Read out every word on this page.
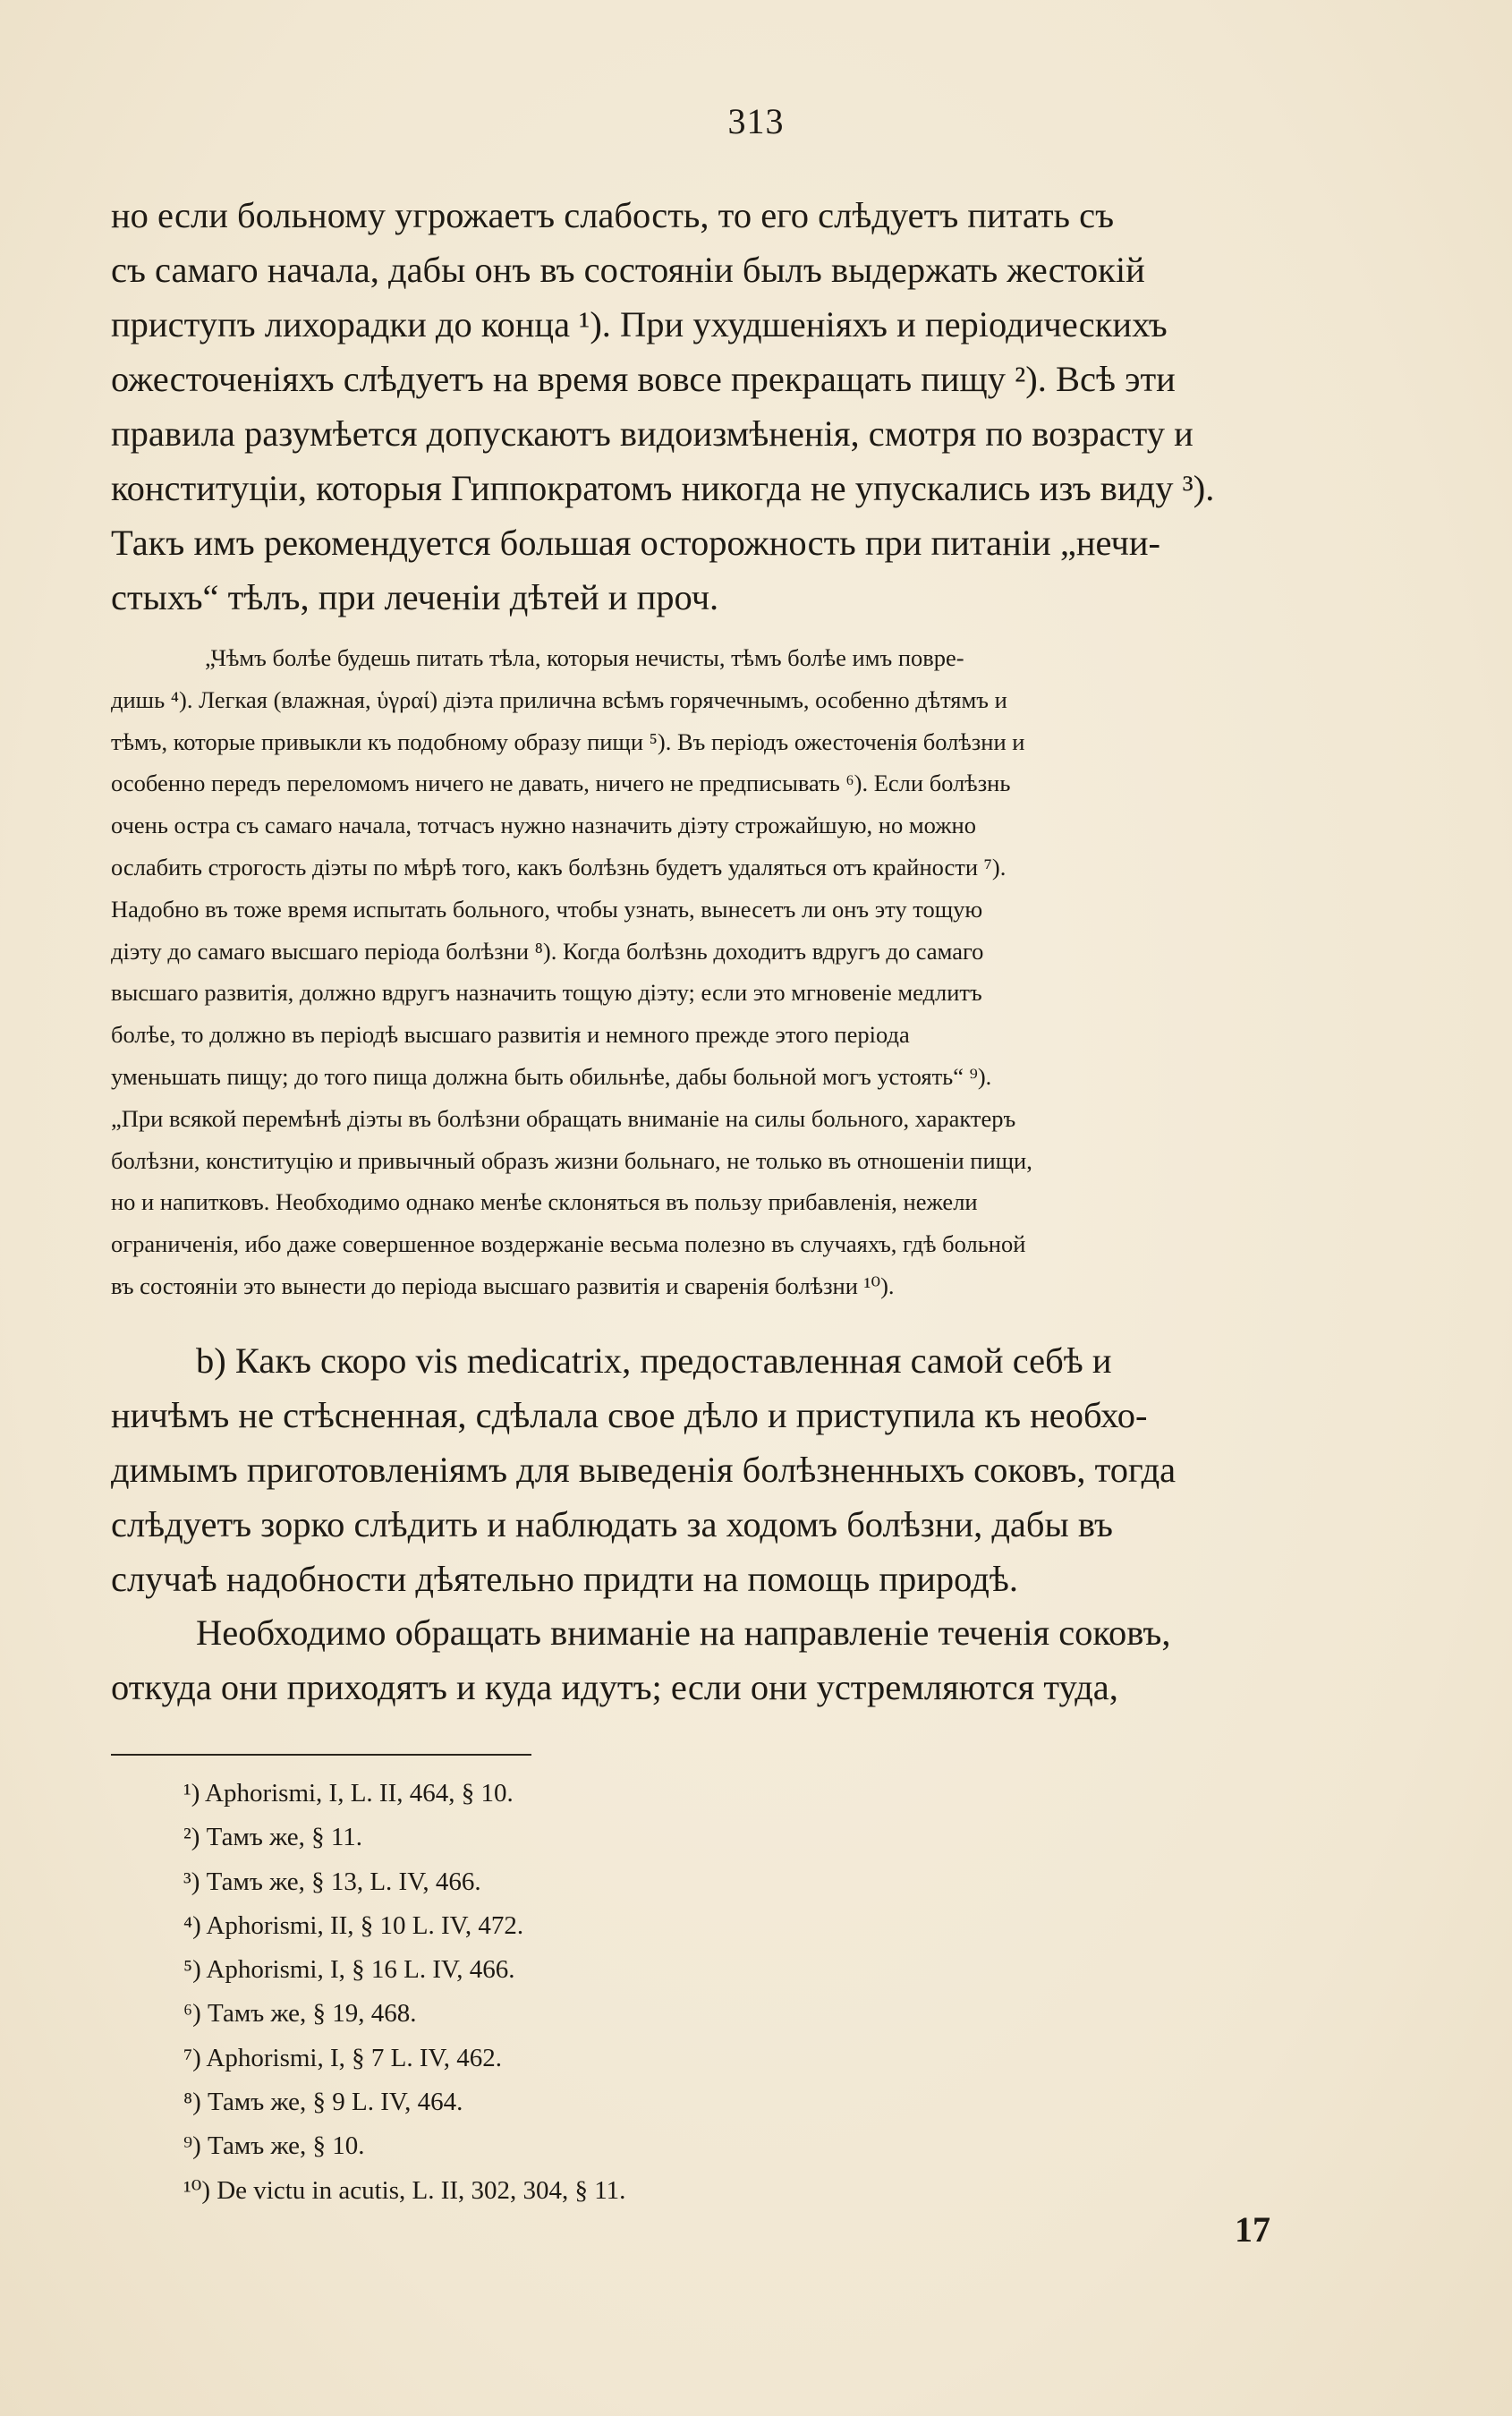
313

но если больному угрожаетъ слабость, то его слѣдуетъ питать съ
съ самаго начала, дабы онъ въ состояніи былъ выдержать жестокій
приступъ лихорадки до конца ¹). При ухудшеніяхъ и періодическихъ
ожесточеніяхъ слѣдуетъ на время вовсе прекращать пищу ²). Всѣ эти
правила разумѣется допускаютъ видоизмѣненія, смотря по возрасту и
конституціи, которыя Гиппократомъ никогда не упускались изъ виду ³).
Такъ имъ рекомендуется большая осторожность при питаніи „нечи-
стыхъ“ тѣлъ, при леченіи дѣтей и проч.

„Чѣмъ болѣе будешь питать тѣла, которыя нечисты, тѣмъ болѣе имъ повре-
дишь ⁴). Легкая (влажная, ὑγραί) діэта прилична всѣмъ горячечнымъ, особенно дѣтямъ и
тѣмъ, которые привыкли къ подобному образу пищи ⁵). Въ періодъ ожесточенія болѣзни и
особенно передъ переломомъ ничего не давать, ничего не предписывать ⁶). Если болѣзнь
очень остра съ самаго начала, тотчасъ нужно назначить діэту строжайшую, но можно
ослабить строгость діэты по мѣрѣ того, какъ болѣзнь будетъ удаляться отъ крайности ⁷).
Надобно въ тоже время испытать больного, чтобы узнать, вынесетъ ли онъ эту тощую
діэту до самаго высшаго періода болѣзни ⁸). Когда болѣзнь доходитъ вдругъ до самаго
высшаго развитія, должно вдругъ назначить тощую діэту; если это мгновеніе медлитъ
болѣе, то должно въ періодѣ высшаго развитія и немного прежде этого періода
уменьшать пищу; до того пища должна быть обильнѣе, дабы больной могъ устоять“ ⁹).
„При всякой перемѣнѣ діэты въ болѣзни обращать вниманіе на силы больного, характеръ
болѣзни, конституцію и привычный образъ жизни больнаго, не только въ отношеніи пищи,
но и напитковъ. Необходимо однако менѣе склоняться въ пользу прибавленія, нежели
ограниченія, ибо даже совершенное воздержаніе весьма полезно въ случаяхъ, гдѣ больной
въ состояніи это вынести до періода высшаго развитія и сваренія болѣзни ¹⁰).

b) Какъ скоро vis medicatrix, предоставленная самой себѣ и
ничѣмъ не стѣсненная, сдѣлала свое дѣло и приступила къ необхо-
димымъ приготовленіямъ для выведенія болѣзненныхъ соковъ, тогда
слѣдуетъ зорко слѣдить и наблюдать за ходомъ болѣзни, дабы въ
случаѣ надобности дѣятельно придти на помощь природѣ.

Необходимо обращать вниманіе на направленіе теченія соковъ,
откуда они приходятъ и куда идутъ; если они устремляются туда,

¹) Aphorismi, I, L. II, 464, § 10.
²) Тамъ же, § 11.
³) Тамъ же, § 13, L. IV, 466.
⁴) Aphorismi, II, § 10 L. IV, 472.
⁵) Aphorismi, I, § 16 L. IV, 466.
⁶) Тамъ же, § 19, 468.
⁷) Aphorismi, I, § 7 L. IV, 462.
⁸) Тамъ же, § 9 L. IV, 464.
⁹) Тамъ же, § 10.
¹⁰) De victu in acutis, L. II, 302, 304, § 11.
17
